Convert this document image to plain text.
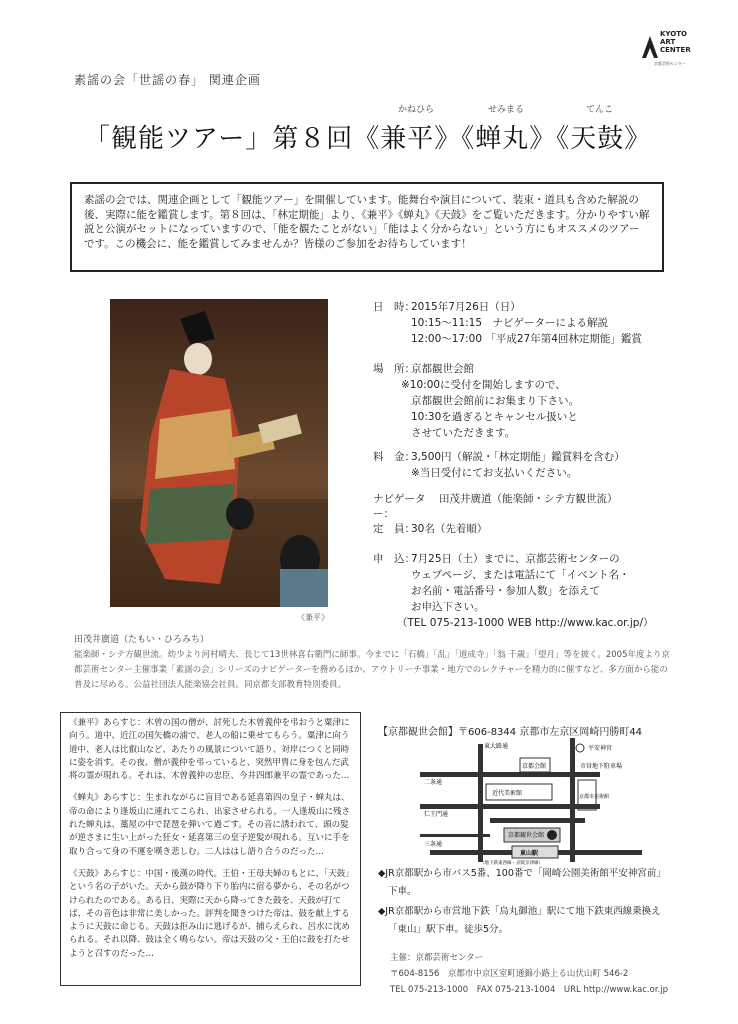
KYOTO
ART
CENTER
京都芸術センター
素謡の会「世謡の春」 関連企画
かねひら	せみまる	てんこ
「観能ツアー」第８回《兼平》《蝉丸》《天鼓》
素謡の会では、関連企画として「観能ツアー」を開催しています。能舞台や演目について、装束・道具も含めた解説の後、実際に能を鑑賞します。第８回は、「林定期能」より、《兼平》《蝉丸》《天鼓》をご覧いただきます。分かりやすい解説と公演がセットになっていますので、「能を観たことがない」「能はよく分からない」という方にもオススメのツアーです。この機会に、能を鑑賞してみませんか？皆様のご参加をお待ちしています！
《兼平》
日　時：
2015年7月26日（日）
10:15〜11:15　ナビゲーターによる解説
12:00〜17:00 「平成27年第4回林定期能」鑑賞
場　所：
京都観世会館
※10:00に受付を開始しますので、
京都観世会館前にお集まり下さい。
10:30を過ぎるとキャンセル扱いと
させていただきます。
料　金：
3,500円（解説・「林定期能」鑑賞料を含む）
※当日受付にてお支払いください。
ナビゲーター：
田茂井廣道（能楽師・シテ方観世流）
定　員：
30名（先着順）
申　込：
7月25日（土）までに、京都芸術センターの
ウェブページ、または電話にて「イベント名・
お名前・電話番号・参加人数」を添えて
お申込下さい。
（TEL 075-213-1000 WEB http://www.kac.or.jp/）
田茂井廣道（たもい・ひろみち）
能楽師・シテ方観世流。幼少より河村晴夫、長じて13世林喜右衛門に師事。今までに「石橋」「乱」「道成寺」「翁 千歳」「望月」等を披く。2005年度より京都芸術センター主催事業「素謡の会」シリーズのナビゲーターを務めるほか、アウトリーチ事業・地方でのレクチャーを精力的に催すなど、多方面から能の普及に尽める。公益社団法人能楽協会社員。同京都支部教育特別委員。

《兼平》あらすじ：木曽の国の僧が、討死した木曽義仲を弔おうと粟津に向う。道中、近江の国矢橋の浦で、老人の船に乗せてもらう。粟津に向う道中、老人は比叡山など、あたりの風景について語り、対岸につくと同時に姿を消す。その夜、僧が義仲を弔っていると、突然甲冑に身を包んだ武将の霊が現れる。それは、木曽義仲の忠臣、今井四郎兼平の霊であった…

《蝉丸》あらすじ：生まれながらに盲目である延喜第四の皇子・蝉丸は、帝の命により逢坂山に連れてこられ、出家させられる。一人逢坂山に残された蝉丸は、藁屋の中で琵琶を弾いて過ごす。その音に誘われて、頭の髪が逆さまに生い上がった狂女・延喜第三の皇子逆髪が現れる。互いに手を取り合って身の不運を嘆き悲しむ。二人ははし語り合うのだった…

《天鼓》あらすじ：中国・後漢の時代。王伯・王母夫婦のもとに、「天鼓」という名の子がいた。天から鼓が降り下り胎内に宿る夢から、その名がつけられたのである。ある日、実際に天から降ってきた鼓を、天鼓が打てば、その音色は非常に美しかった。評判を聞きつけた帝は、鼓を献上するように天鼓に命じる。天鼓は拒み山に逃げるが、捕らえられ、呂水に沈められる。それ以降、鼓は全く鳴らない。帝は天鼓の父・王伯に鼓を打たせようと召すのだった…

【京都観世会館】〒606-8344 京都市左京区岡崎円勝町44
東大路通	平安神宮
京都会館	市営地下駐車場
二条通
近代美術館	京都市美術館
仁王門通
京都観世会館
東山駅
三条通
（地下鉄東西線・京阪京津線）
◆JR京都駅から市バス5番、100番で「岡崎公園美術館平安神宮前」
下車。
◆JR京都駅から市営地下鉄「烏丸御池」駅にて地下鉄東西線乗換え
「東山」駅下車。徒歩5分。
主催：京都芸術センター
〒604-8156　京都市中京区室町通錦小路上る山伏山町 546-2
TEL 075-213-1000　FAX 075-213-1004　URL http://www.kac.or.jp
